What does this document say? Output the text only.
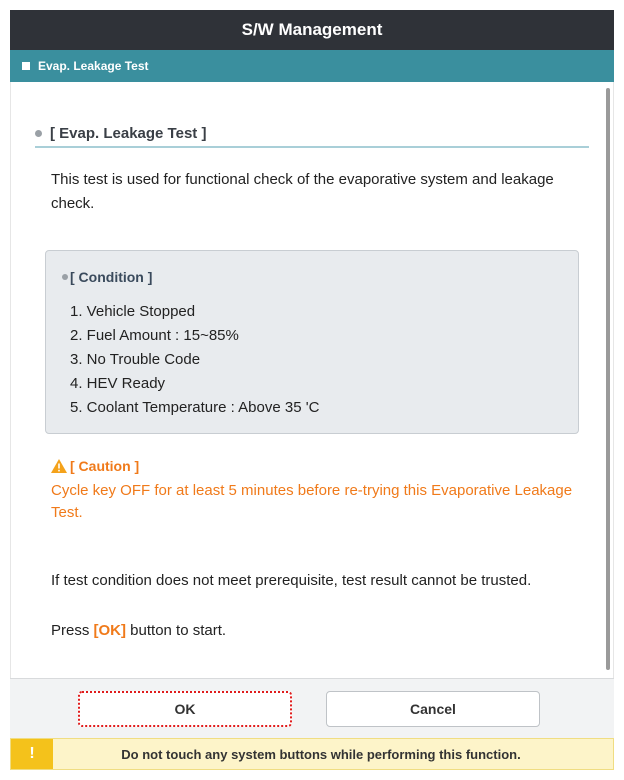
S/W Management
Evap. Leakage Test
[ Evap. Leakage Test ]
This test is used for functional check of the evaporative system and leakage check.
[ Condition ]
1. Vehicle Stopped
2. Fuel Amount : 15~85%
3. No Trouble Code
4. HEV Ready
5. Coolant Temperature : Above 35 'C
[ Caution ]
Cycle key OFF for at least 5 minutes before re-trying this Evaporative Leakage Test.
If test condition does not meet prerequisite, test result cannot be trusted.
Press [OK] button to start.
OK	Cancel
!	Do not touch any system buttons while performing this function.
